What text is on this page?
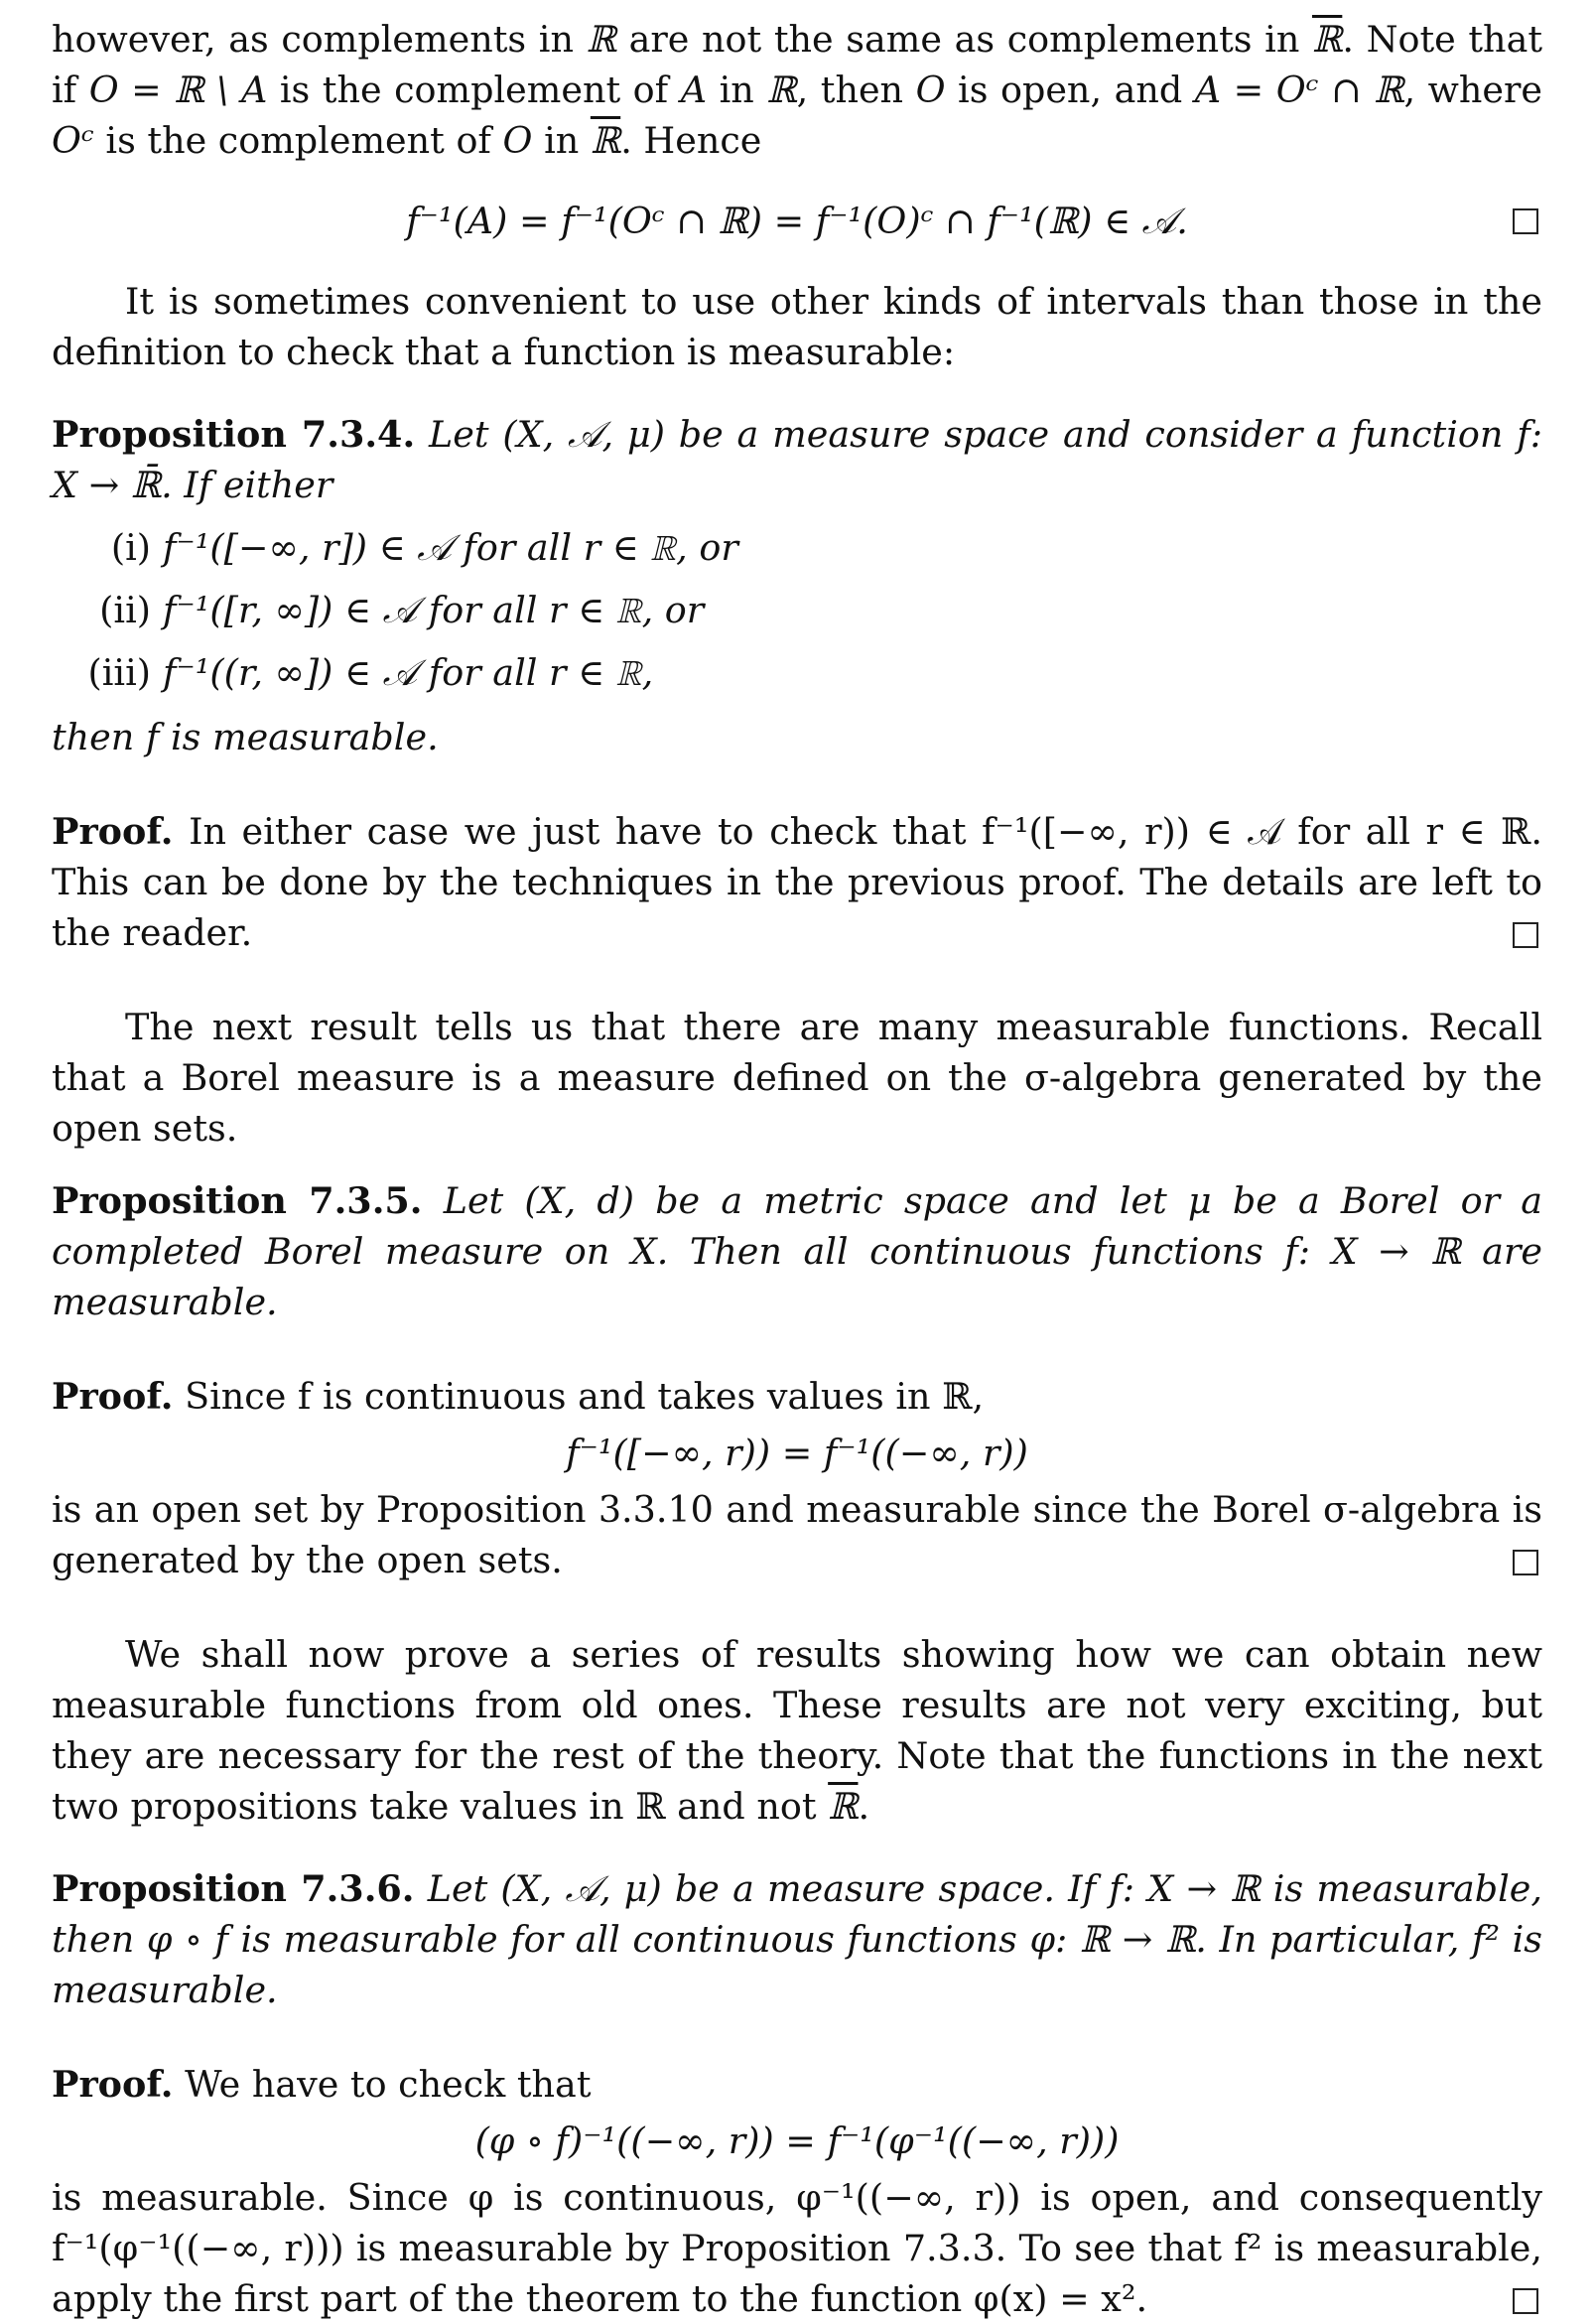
however, as complements in ℝ are not the same as complements in ℝ. Note that if O = ℝ \ A is the complement of A in ℝ, then O is open, and A = Oᶜ ∩ ℝ, where Oᶜ is the complement of O in ℝ. Hence

f⁻¹(A) = f⁻¹(Oᶜ ∩ ℝ) = f⁻¹(O)ᶜ ∩ f⁻¹(ℝ) ∈ 𝒜.

It is sometimes convenient to use other kinds of intervals than those in the definition to check that a function is measurable:

Proposition 7.3.4. Let (X, 𝒜, μ) be a measure space and consider a function f: X → ℝ̄. If either

(i) f⁻¹([−∞, r]) ∈ 𝒜 for all r ∈ ℝ, or
(ii) f⁻¹([r, ∞]) ∈ 𝒜 for all r ∈ ℝ, or
(iii) f⁻¹((r, ∞]) ∈ 𝒜 for all r ∈ ℝ,

then f is measurable.

Proof. In either case we just have to check that f⁻¹([−∞, r)) ∈ 𝒜 for all r ∈ ℝ. This can be done by the techniques in the previous proof. The details are left to the reader.

The next result tells us that there are many measurable functions. Recall that a Borel measure is a measure defined on the σ-algebra generated by the open sets.

Proposition 7.3.5. Let (X, d) be a metric space and let μ be a Borel or a completed Borel measure on X. Then all continuous functions f: X → ℝ are measurable.

Proof. Since f is continuous and takes values in ℝ,

f⁻¹([−∞, r)) = f⁻¹((−∞, r))

is an open set by Proposition 3.3.10 and measurable since the Borel σ-algebra is generated by the open sets.

We shall now prove a series of results showing how we can obtain new measurable functions from old ones. These results are not very exciting, but they are necessary for the rest of the theory. Note that the functions in the next two propositions take values in ℝ and not ℝ.

Proposition 7.3.6. Let (X, 𝒜, μ) be a measure space. If f: X → ℝ is measurable, then φ ∘ f is measurable for all continuous functions φ: ℝ → ℝ. In particular, f² is measurable.

Proof. We have to check that

(φ ∘ f)⁻¹((−∞, r)) = f⁻¹(φ⁻¹((−∞, r)))

is measurable. Since φ is continuous, φ⁻¹((−∞, r)) is open, and consequently f⁻¹(φ⁻¹((−∞, r))) is measurable by Proposition 7.3.3. To see that f² is measurable, apply the first part of the theorem to the function φ(x) = x².
